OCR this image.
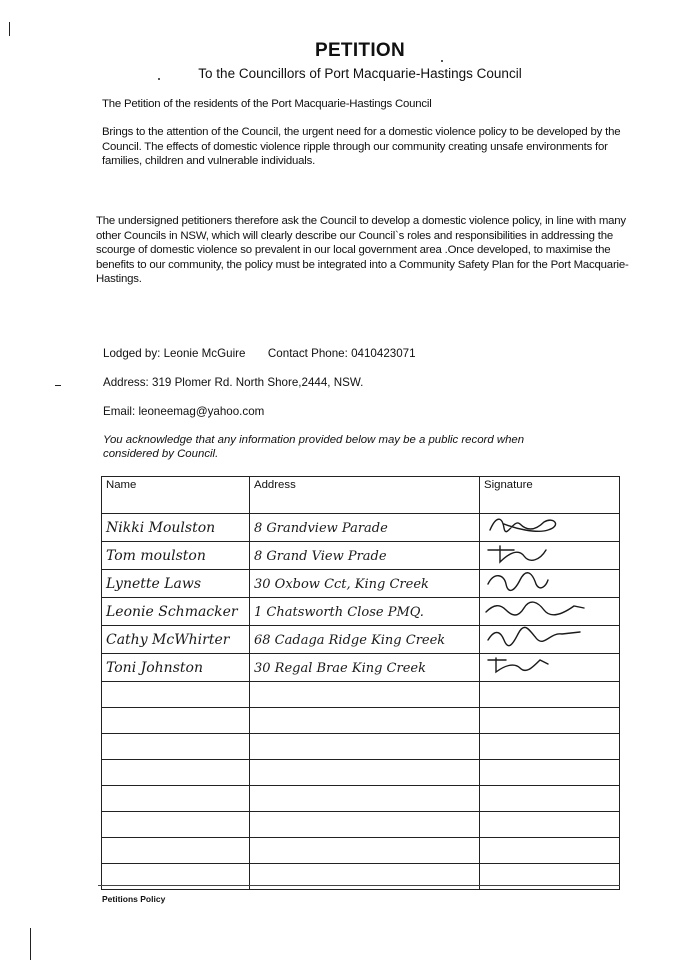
PETITION
To the Councillors of Port Macquarie-Hastings Council
The Petition of the residents of the Port Macquarie-Hastings Council
Brings to the attention of the Council, the urgent need for a domestic violence policy to be developed by the Council. The effects of domestic violence ripple through our community creating unsafe environments for families, children and vulnerable individuals.
The undersigned petitioners therefore ask the Council to develop a domestic violence policy, in line with many other Councils in NSW, which will clearly describe our Council`s roles and responsibilities in addressing the scourge of domestic violence so prevalent in our local government area .Once developed, to maximise the benefits to our community, the policy must be integrated into a Community Safety Plan for the Port Macquarie-Hastings.
Lodged by: Leonie McGuire Contact Phone: 0410423071
Address: 319 Plomer Rd. North Shore,2444, NSW.
Email: leoneemag@yahoo.com
You acknowledge that any information provided below may be a public record when considered by Council.
Name	Address	Signature
Nikki Moulston	8 Grandview Parade	
Tom moulston	8 Grand View Prade	
Lynette Laws	30 Oxbow Cct, King Creek	
Leonie Schmacker	1 Chatsworth Close PMQ.	
Cathy McWhirter	68 Cadaga Ridge King Creek	
Toni Johnston	30 Regal Brae King Creek	

Petitions Policy
